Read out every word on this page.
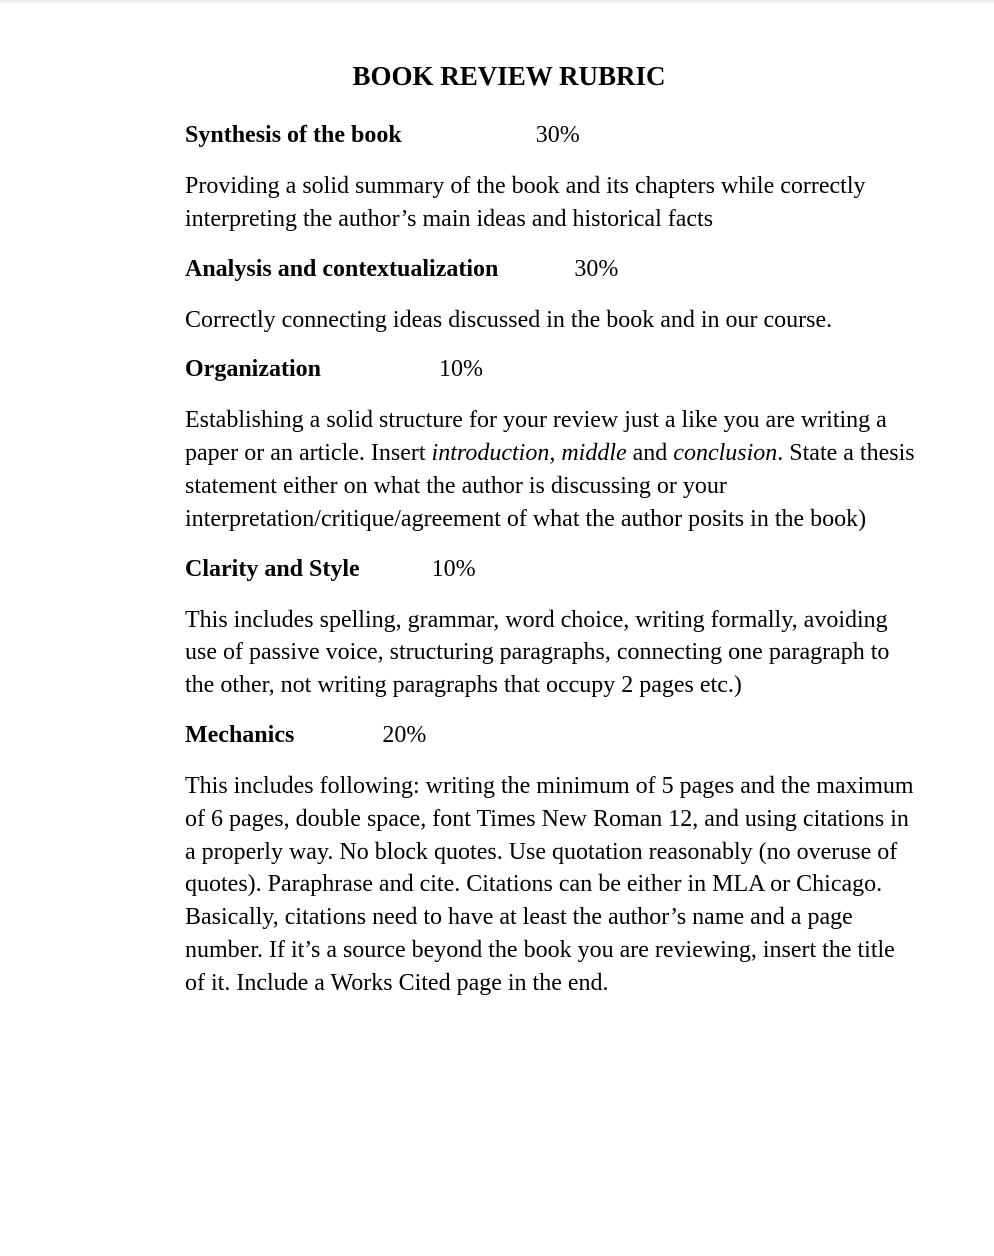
BOOK REVIEW RUBRIC

Synthesis of the book	30%

Providing a solid summary of the book and its chapters while correctly interpreting the author’s main ideas and historical facts

Analysis and contextualization	30%

Correctly connecting ideas discussed in the book and in our course.

Organization	10%

Establishing a solid structure for your review just a like you are writing a paper or an article. Insert introduction, middle and conclusion. State a thesis statement either on what the author is discussing or your interpretation/critique/agreement of what the author posits in the book)

Clarity and Style	10%

This includes spelling, grammar, word choice, writing formally, avoiding use of passive voice, structuring paragraphs, connecting one paragraph to the other, not writing paragraphs that occupy 2 pages etc.)

Mechanics	20%

This includes following: writing the minimum of 5 pages and the maximum of 6 pages, double space, font Times New Roman 12, and using citations in a properly way. No block quotes. Use quotation reasonably (no overuse of quotes). Paraphrase and cite. Citations can be either in MLA or Chicago. Basically, citations need to have at least the author’s name and a page number. If it’s a source beyond the book you are reviewing, insert the title of it. Include a Works Cited page in the end.
